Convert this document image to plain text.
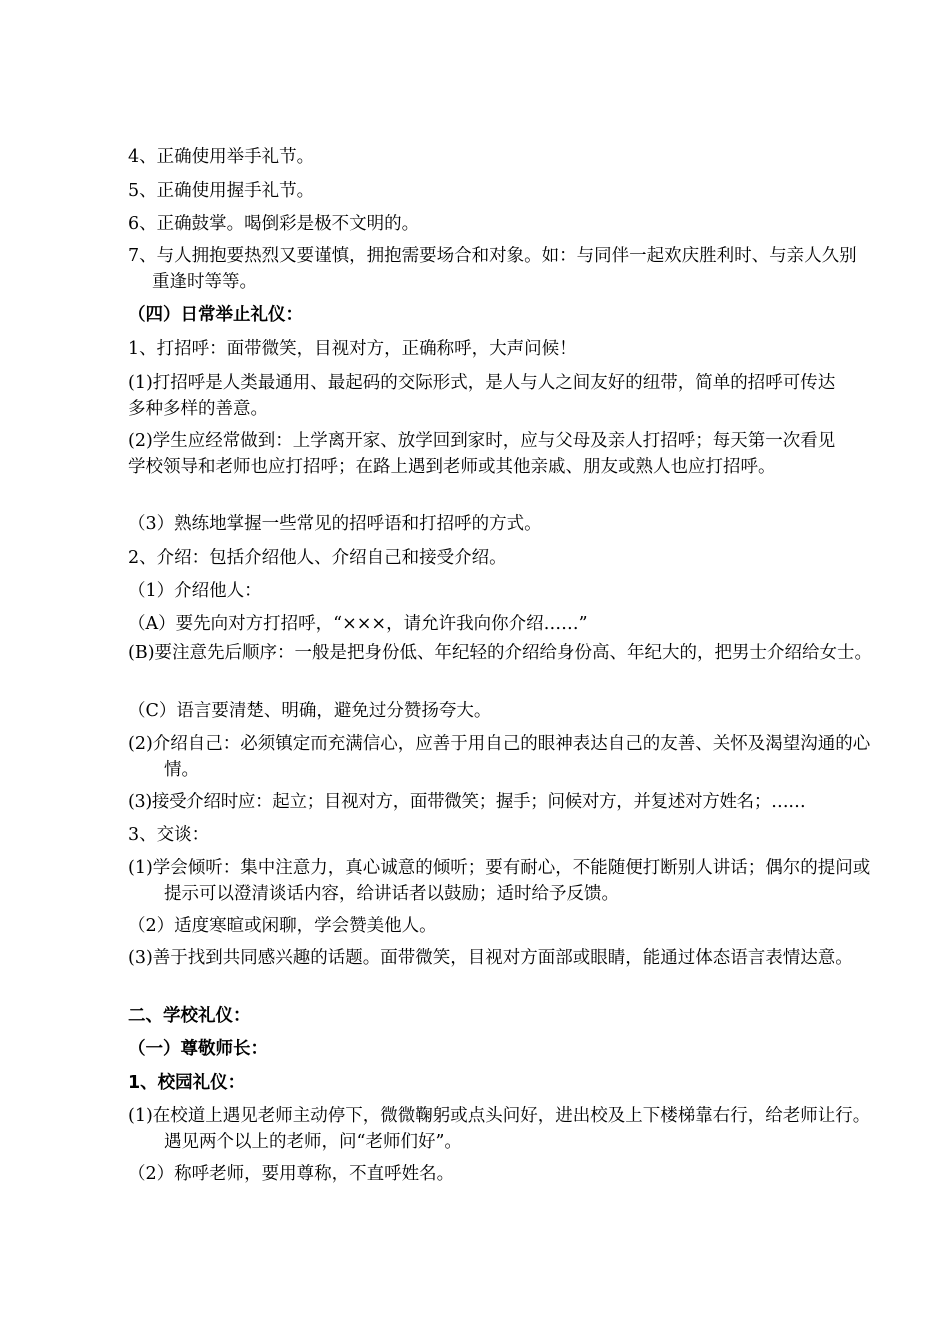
4、正确使用举手礼节。

5、正确使用握手礼节。

6、正确鼓掌。喝倒彩是极不文明的。

7、与人拥抱要热烈又要谨慎，拥抱需要场合和对象。如：与同伴一起欢庆胜利时、与亲人久别重逢时等等。

（四）日常举止礼仪：

1、打招呼：面带微笑，目视对方，正确称呼，大声问候！

(1)打招呼是人类最通用、最起码的交际形式，是人与人之间友好的纽带，简单的招呼可传达多种多样的善意。

(2)学生应经常做到：上学离开家、放学回到家时，应与父母及亲人打招呼；每天第一次看见学校领导和老师也应打招呼；在路上遇到老师或其他亲戚、朋友或熟人也应打招呼。

（3）熟练地掌握一些常见的招呼语和打招呼的方式。

2、介绍：包括介绍他人、介绍自己和接受介绍。

（1）介绍他人：

（A）要先向对方打招呼，“×××，请允许我向你介绍……”

(B)要注意先后顺序：一般是把身份低、年纪轻的介绍给身份高、年纪大的，把男士介绍给女士。

（C）语言要清楚、明确，避免过分赞扬夸大。

(2)介绍自己：必须镇定而充满信心，应善于用自己的眼神表达自己的友善、关怀及渴望沟通的心情。

(3)接受介绍时应：起立；目视对方，面带微笑；握手；问候对方，并复述对方姓名；……

3、交谈：

(1)学会倾听：集中注意力，真心诚意的倾听；要有耐心，不能随便打断别人讲话；偶尔的提问或提示可以澄清谈话内容，给讲话者以鼓励；适时给予反馈。

（2）适度寒暄或闲聊，学会赞美他人。

(3)善于找到共同感兴趣的话题。面带微笑，目视对方面部或眼睛，能通过体态语言表情达意。

二、学校礼仪：

（一）尊敬师长：

1、校园礼仪：

(1)在校道上遇见老师主动停下，微微鞠躬或点头问好，进出校及上下楼梯靠右行，给老师让行。遇见两个以上的老师，问“老师们好”。

（2）称呼老师，要用尊称，不直呼姓名。
